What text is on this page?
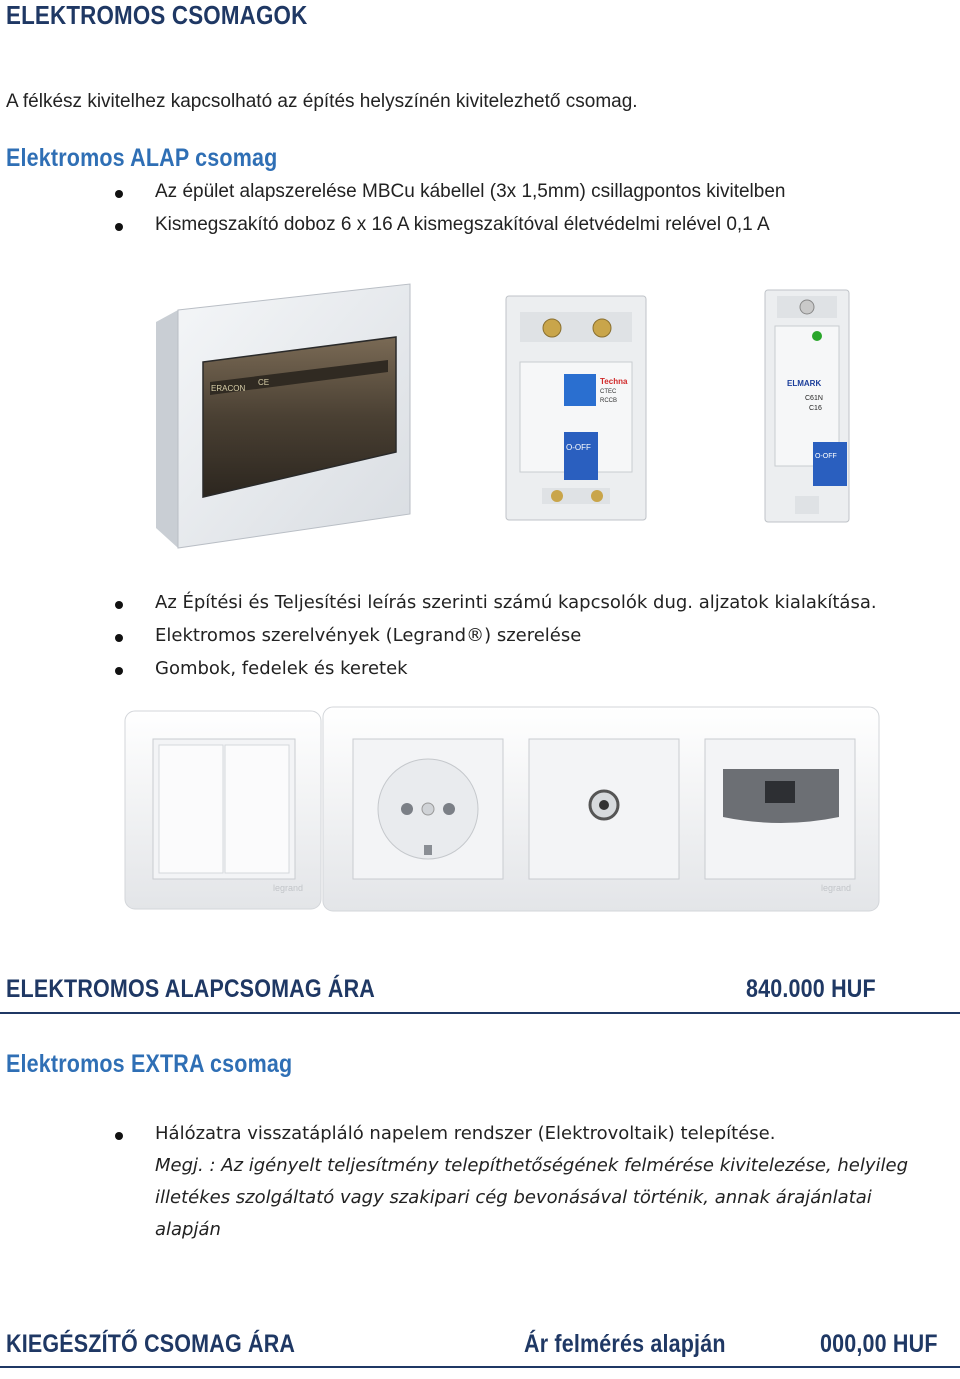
ELEKTROMOS CSOMAGOK
A félkész kivitelhez kapcsolható az építés helyszínén kivitelezhető csomag.
Elektromos ALAP csomag
Az épület alapszerelése MBCu kábellel (3x 1,5mm) csillagpontos kivitelben
Kismegszakító doboz 6 x 16 A kismegszakítóval életvédelmi relével 0,1 A
ERACON
CE	Techna
CTEC
RCCB
O-OFF
ELMARK
C61N
C16
O-OFF
Az Építési és Teljesítési leírás szerinti számú kapcsolók dug. aljzatok kialakítása.
Elektromos szerelvények (Legrand®) szerelése
Gombok, fedelek és keretek
legrand	legrand
ELEKTROMOS ALAPCSOMAG ÁRA	840.000 HUF
Elektromos EXTRA csomag
Hálózatra visszatápláló napelem rendszer (Elektrovoltaik) telepítése.
Megj. : Az igényelt teljesítmény telepíthetőségének felmérése kivitelezése, helyileg
illetékes szolgáltató vagy szakipari cég bevonásával történik, annak árajánlatai
alapján
KIEGÉSZÍTŐ CSOMAG ÁRA	Ár felmérés alapján	000,00 HUF
